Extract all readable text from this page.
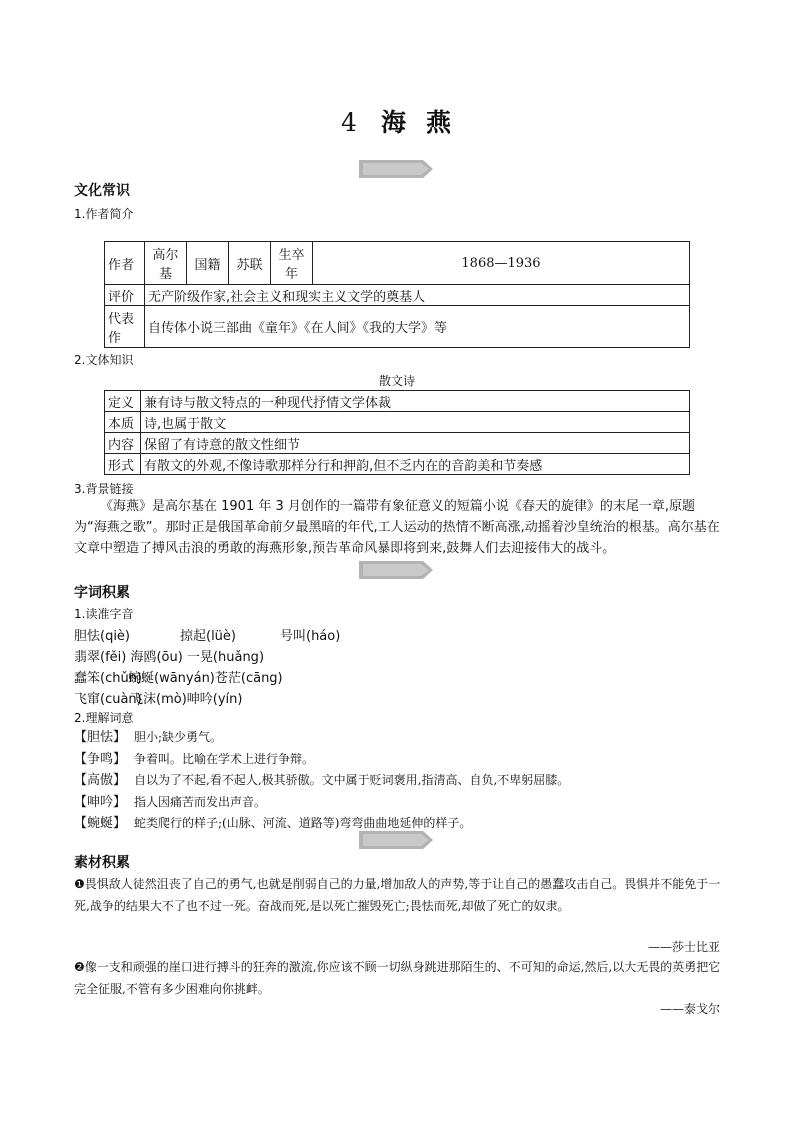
4 海 燕
文化常识
1.作者简介
作者	高尔基	国籍	苏联	生卒年	1868—1936
评价	无产阶级作家,社会主义和现实主义文学的奠基人				
代表作	自传体小说三部曲《童年》《在人间》《我的大学》等				
2.文体知识
散文诗
定义	兼有诗与散文特点的一种现代抒情文学体裁
本质	诗,也属于散文
内容	保留了有诗意的散文性细节
形式	有散文的外观,不像诗歌那样分行和押韵,但不乏内在的音韵美和节奏感
3.背景链接
《海燕》是高尔基在 1901 年 3 月创作的一篇带有象征意义的短篇小说《春天的旋律》的末尾一章,原题为“海燕之歌”。那时正是俄国革命前夕最黑暗的年代,工人运动的热情不断高涨,动摇着沙皇统治的根基。高尔基在文章中塑造了搏风击浪的勇敢的海燕形象,预告革命风暴即将到来,鼓舞人们去迎接伟大的战斗。
字词积累
1.读准字音
胆怯(qiè)	掠起(lüè)	号叫(háo)
翡翠(fěi) 海鸥(ōu) 一晃(huǎng)
蠢笨(chǔn)蜿蜒(wānyán)苍茫(cāng)
飞窜(cuàn)飞沫(mò)呻吟(yín)
2.理解词意
【胆怯】 胆小;缺少勇气。
【争鸣】 争着叫。比喻在学术上进行争辩。
【高傲】 自以为了不起,看不起人,极其骄傲。文中属于贬词褒用,指清高、自负,不卑躬屈膝。
【呻吟】 指人因痛苦而发出声音。
【蜿蜒】 蛇类爬行的样子;(山脉、河流、道路等)弯弯曲曲地延伸的样子。
素材积累
❶畏惧敌人徒然沮丧了自己的勇气,也就是削弱自己的力量,增加敌人的声势,等于让自己的愚蠢攻击自己。畏惧并不能免于一死,战争的结果大不了也不过一死。奋战而死,是以死亡摧毁死亡;畏怯而死,却做了死亡的奴隶。
——莎士比亚
❷像一支和顽强的崖口进行搏斗的狂奔的激流,你应该不顾一切纵身跳进那陌生的、不可知的命运,然后,以大无畏的英勇把它完全征服,不管有多少困难向你挑衅。
——泰戈尔
